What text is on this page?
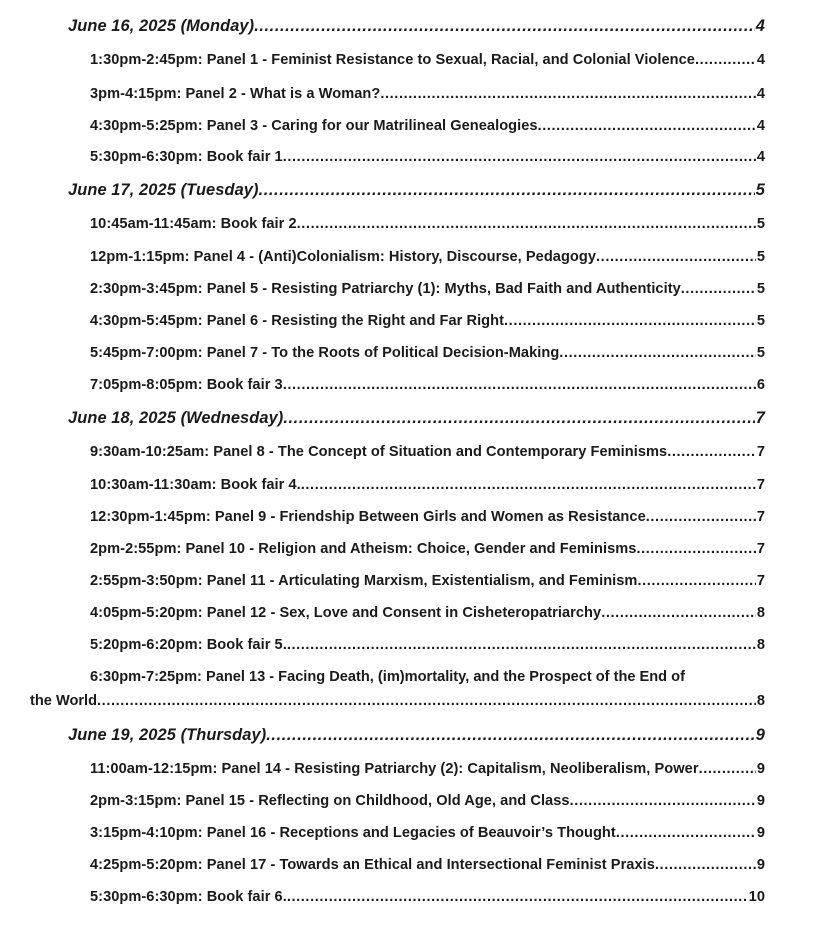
June 16, 2025 (Monday) .....	4
1:30pm-2:45pm: Panel 1 - Feminist Resistance to Sexual, Racial, and Colonial Violence .....	4
3pm-4:15pm: Panel 2 - What is a Woman? .....	4
4:30pm-5:25pm: Panel 3 - Caring for our Matrilineal Genealogies .....	4
5:30pm-6:30pm: Book fair 1 .....	4
June 17, 2025 (Tuesday) .....	5
10:45am-11:45am: Book fair 2 .....	5
12pm-1:15pm: Panel 4 - (Anti)Colonialism: History, Discourse, Pedagogy .....	5
2:30pm-3:45pm: Panel 5 - Resisting Patriarchy (1): Myths, Bad Faith and Authenticity .....	5
4:30pm-5:45pm: Panel 6 - Resisting the Right and Far Right .....	5
5:45pm-7:00pm: Panel 7 - To the Roots of Political Decision-Making .....	5
7:05pm-8:05pm: Book fair 3 .....	6
June 18, 2025 (Wednesday) .....	7
9:30am-10:25am: Panel 8 - The Concept of Situation and Contemporary Feminisms .....	7
10:30am-11:30am: Book fair 4. .....	7
12:30pm-1:45pm: Panel 9 - Friendship Between Girls and Women as Resistance .....	7
2pm-2:55pm: Panel 10 - Religion and Atheism: Choice, Gender and Feminisms .....	7
2:55pm-3:50pm: Panel 11 - Articulating Marxism, Existentialism, and Feminism .....	7
4:05pm-5:20pm: Panel 12 - Sex, Love and Consent in Cisheteropatriarchy .....	8
5:20pm-6:20pm: Book fair 5. .....	8
6:30pm-7:25pm: Panel 13 - Facing Death, (im)mortality, and the Prospect of the End of
the World .....	8
June 19, 2025 (Thursday) .....	9
11:00am-12:15pm: Panel 14 - Resisting Patriarchy (2): Capitalism, Neoliberalism, Power .....	9
2pm-3:15pm: Panel 15 - Reflecting on Childhood, Old Age, and Class .....	9
3:15pm-4:10pm: Panel 16 - Receptions and Legacies of Beauvoir’s Thought .....	9
4:25pm-5:20pm: Panel 17 - Towards an Ethical and Intersectional Feminist Praxis .....	9
5:30pm-6:30pm: Book fair 6. .....	10
